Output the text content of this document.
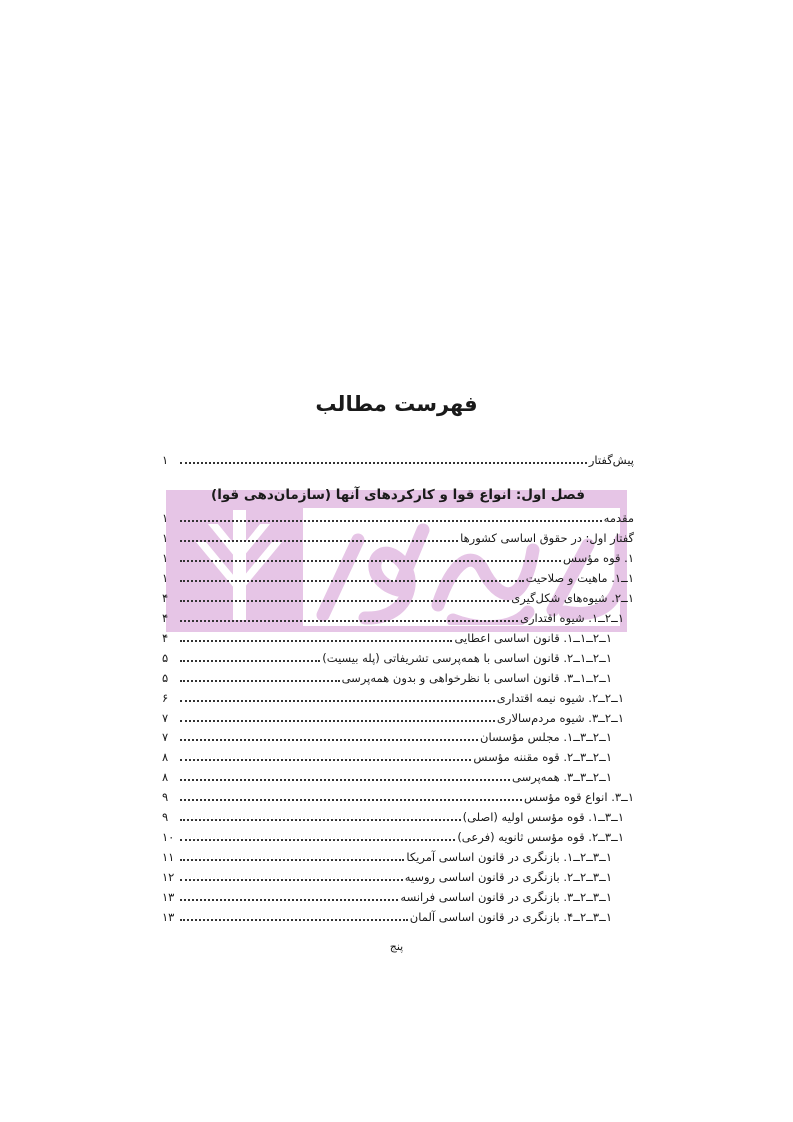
فهرست مطالب
پیش‌گفتار
۱
فصل اول: انواع قوا و کارکردهای آنها (سازمان‌دهی قوا)
مقدمه
۱
گفتار اول: در حقوق اساسی کشورها
۱
۱. قوه مؤسس
۱
۱ــ۱. ماهیت و صلاحیت
۱
۱ــ۲. شیوه‌های شکل‌گیری
۴
۱ــ۲ــ۱. شیوه اقتداری
۴
۱ــ۲ــ۱ــ۱. قانون اساسی اعطایی
۴
۱ــ۲ــ۱ــ۲. قانون اساسی با همه‌پرسی تشریفاتی (پله بیسیت)
۵
۱ــ۲ــ۱ــ۳. قانون اساسی با نظرخواهی و بدون همه‌پرسی
۵
۱ــ۲ــ۲. شیوه نیمه اقتداری
۶
۱ــ۲ــ۳. شیوه مردم‌سالاری
۷
۱ــ۲ــ۳ــ۱. مجلس مؤسسان
۷
۱ــ۲ــ۳ــ۲. قوه مقننه مؤسس
۸
۱ــ۲ــ۳ــ۳. همه‌پرسی
۸
۱ــ۳. انواع قوه مؤسس
۹
۱ــ۳ــ۱. قوه مؤسس اولیه (اصلی)
۹
۱ــ۳ــ۲. قوه مؤسس ثانویه (فرعی)
۱۰
۱ــ۳ــ۲ــ۱. بازنگری در قانون اساسی آمریکا
۱۱
۱ــ۳ــ۲ــ۲. بازنگری در قانون اساسی روسیه
۱۲
۱ــ۳ــ۲ــ۳. بازنگری در قانون اساسی فرانسه
۱۳
۱ــ۳ــ۲ــ۴. بازنگری در قانون اساسی آلمان
۱۳
پنج
